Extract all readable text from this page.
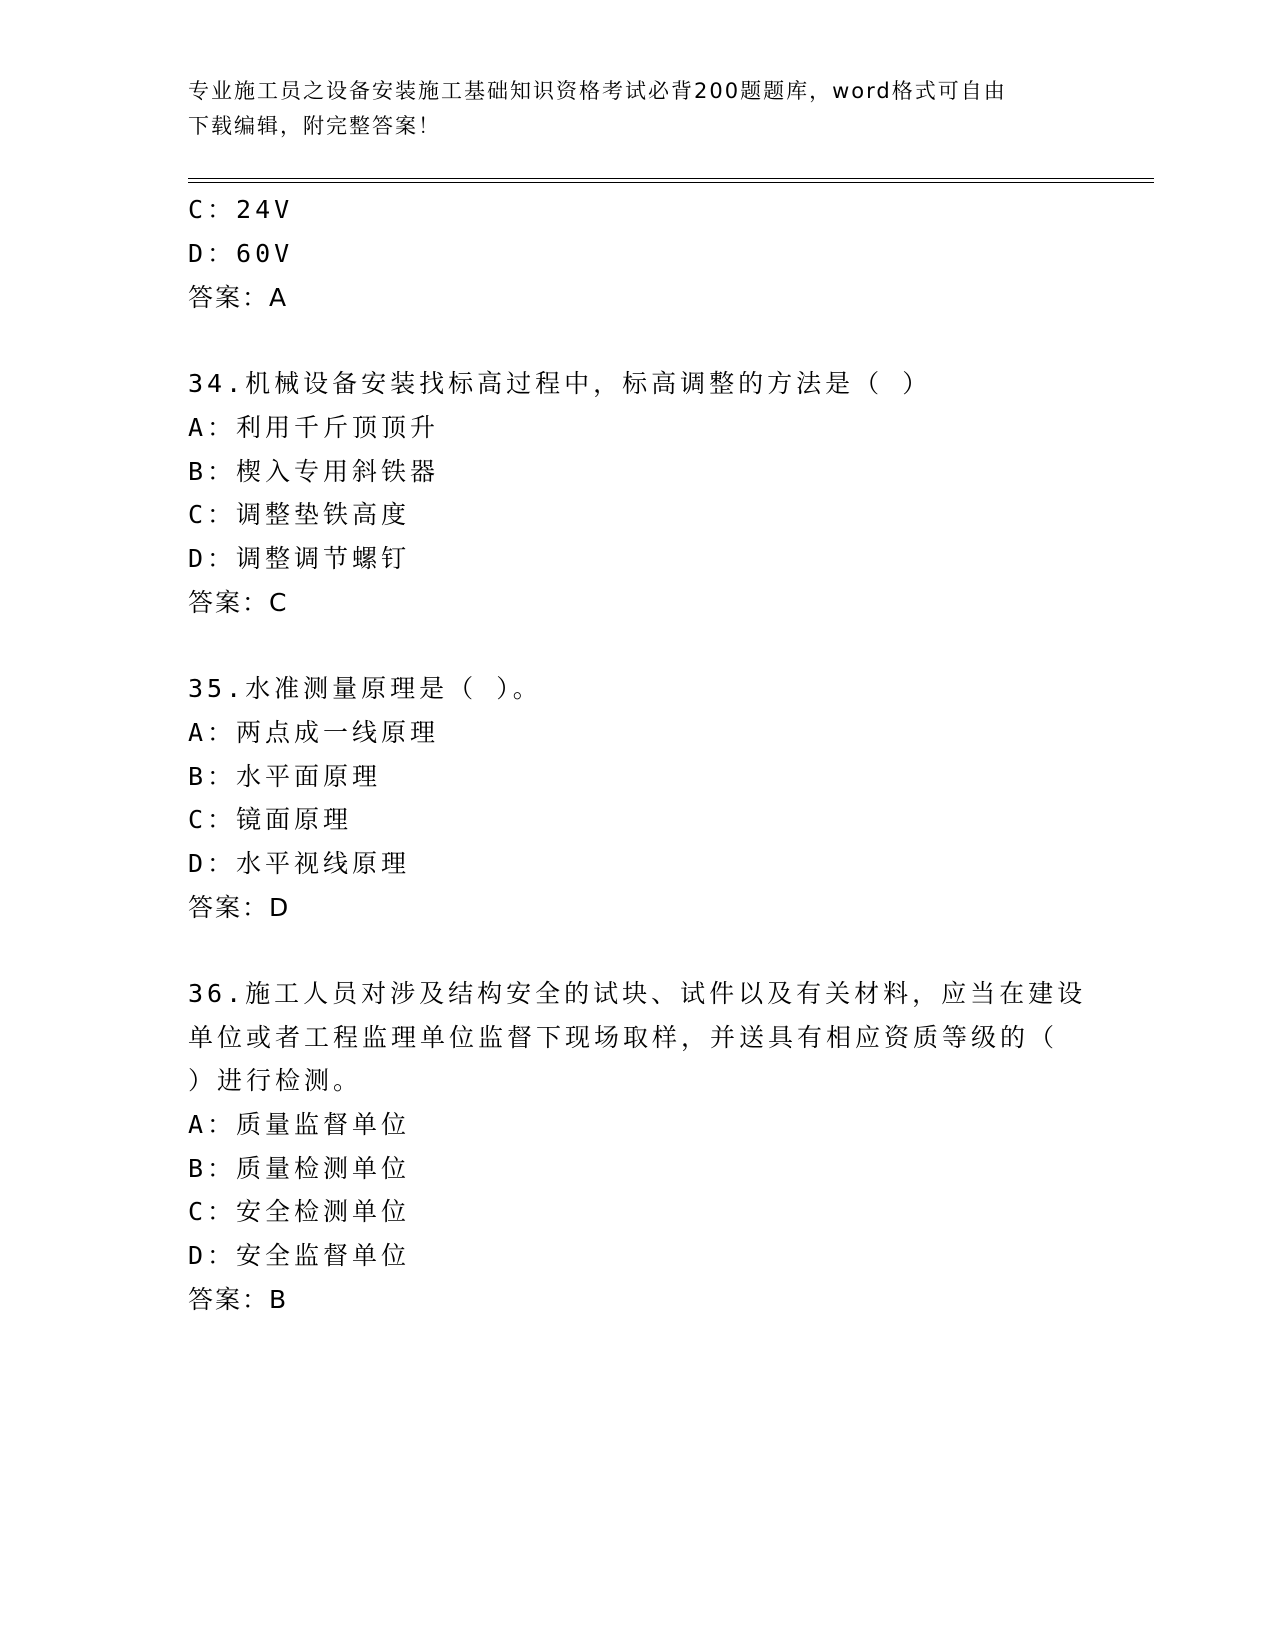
专业施工员之设备安装施工基础知识资格考试必背200题题库，word格式可自由
下载编辑，附完整答案！
C：24V
D：60V
答案：A
34.机械设备安装找标高过程中，标高调整的方法是（ ）
A：利用千斤顶顶升
B：楔入专用斜铁器
C：调整垫铁高度
D：调整调节螺钉
答案：C
35.水准测量原理是（ ）。
A：两点成一线原理
B：水平面原理
C：镜面原理
D：水平视线原理
答案：D
36.施工人员对涉及结构安全的试块、试件以及有关材料，应当在建设
单位或者工程监理单位监督下现场取样，并送具有相应资质等级的（
）进行检测。
A：质量监督单位
B：质量检测单位
C：安全检测单位
D：安全监督单位
答案：B
